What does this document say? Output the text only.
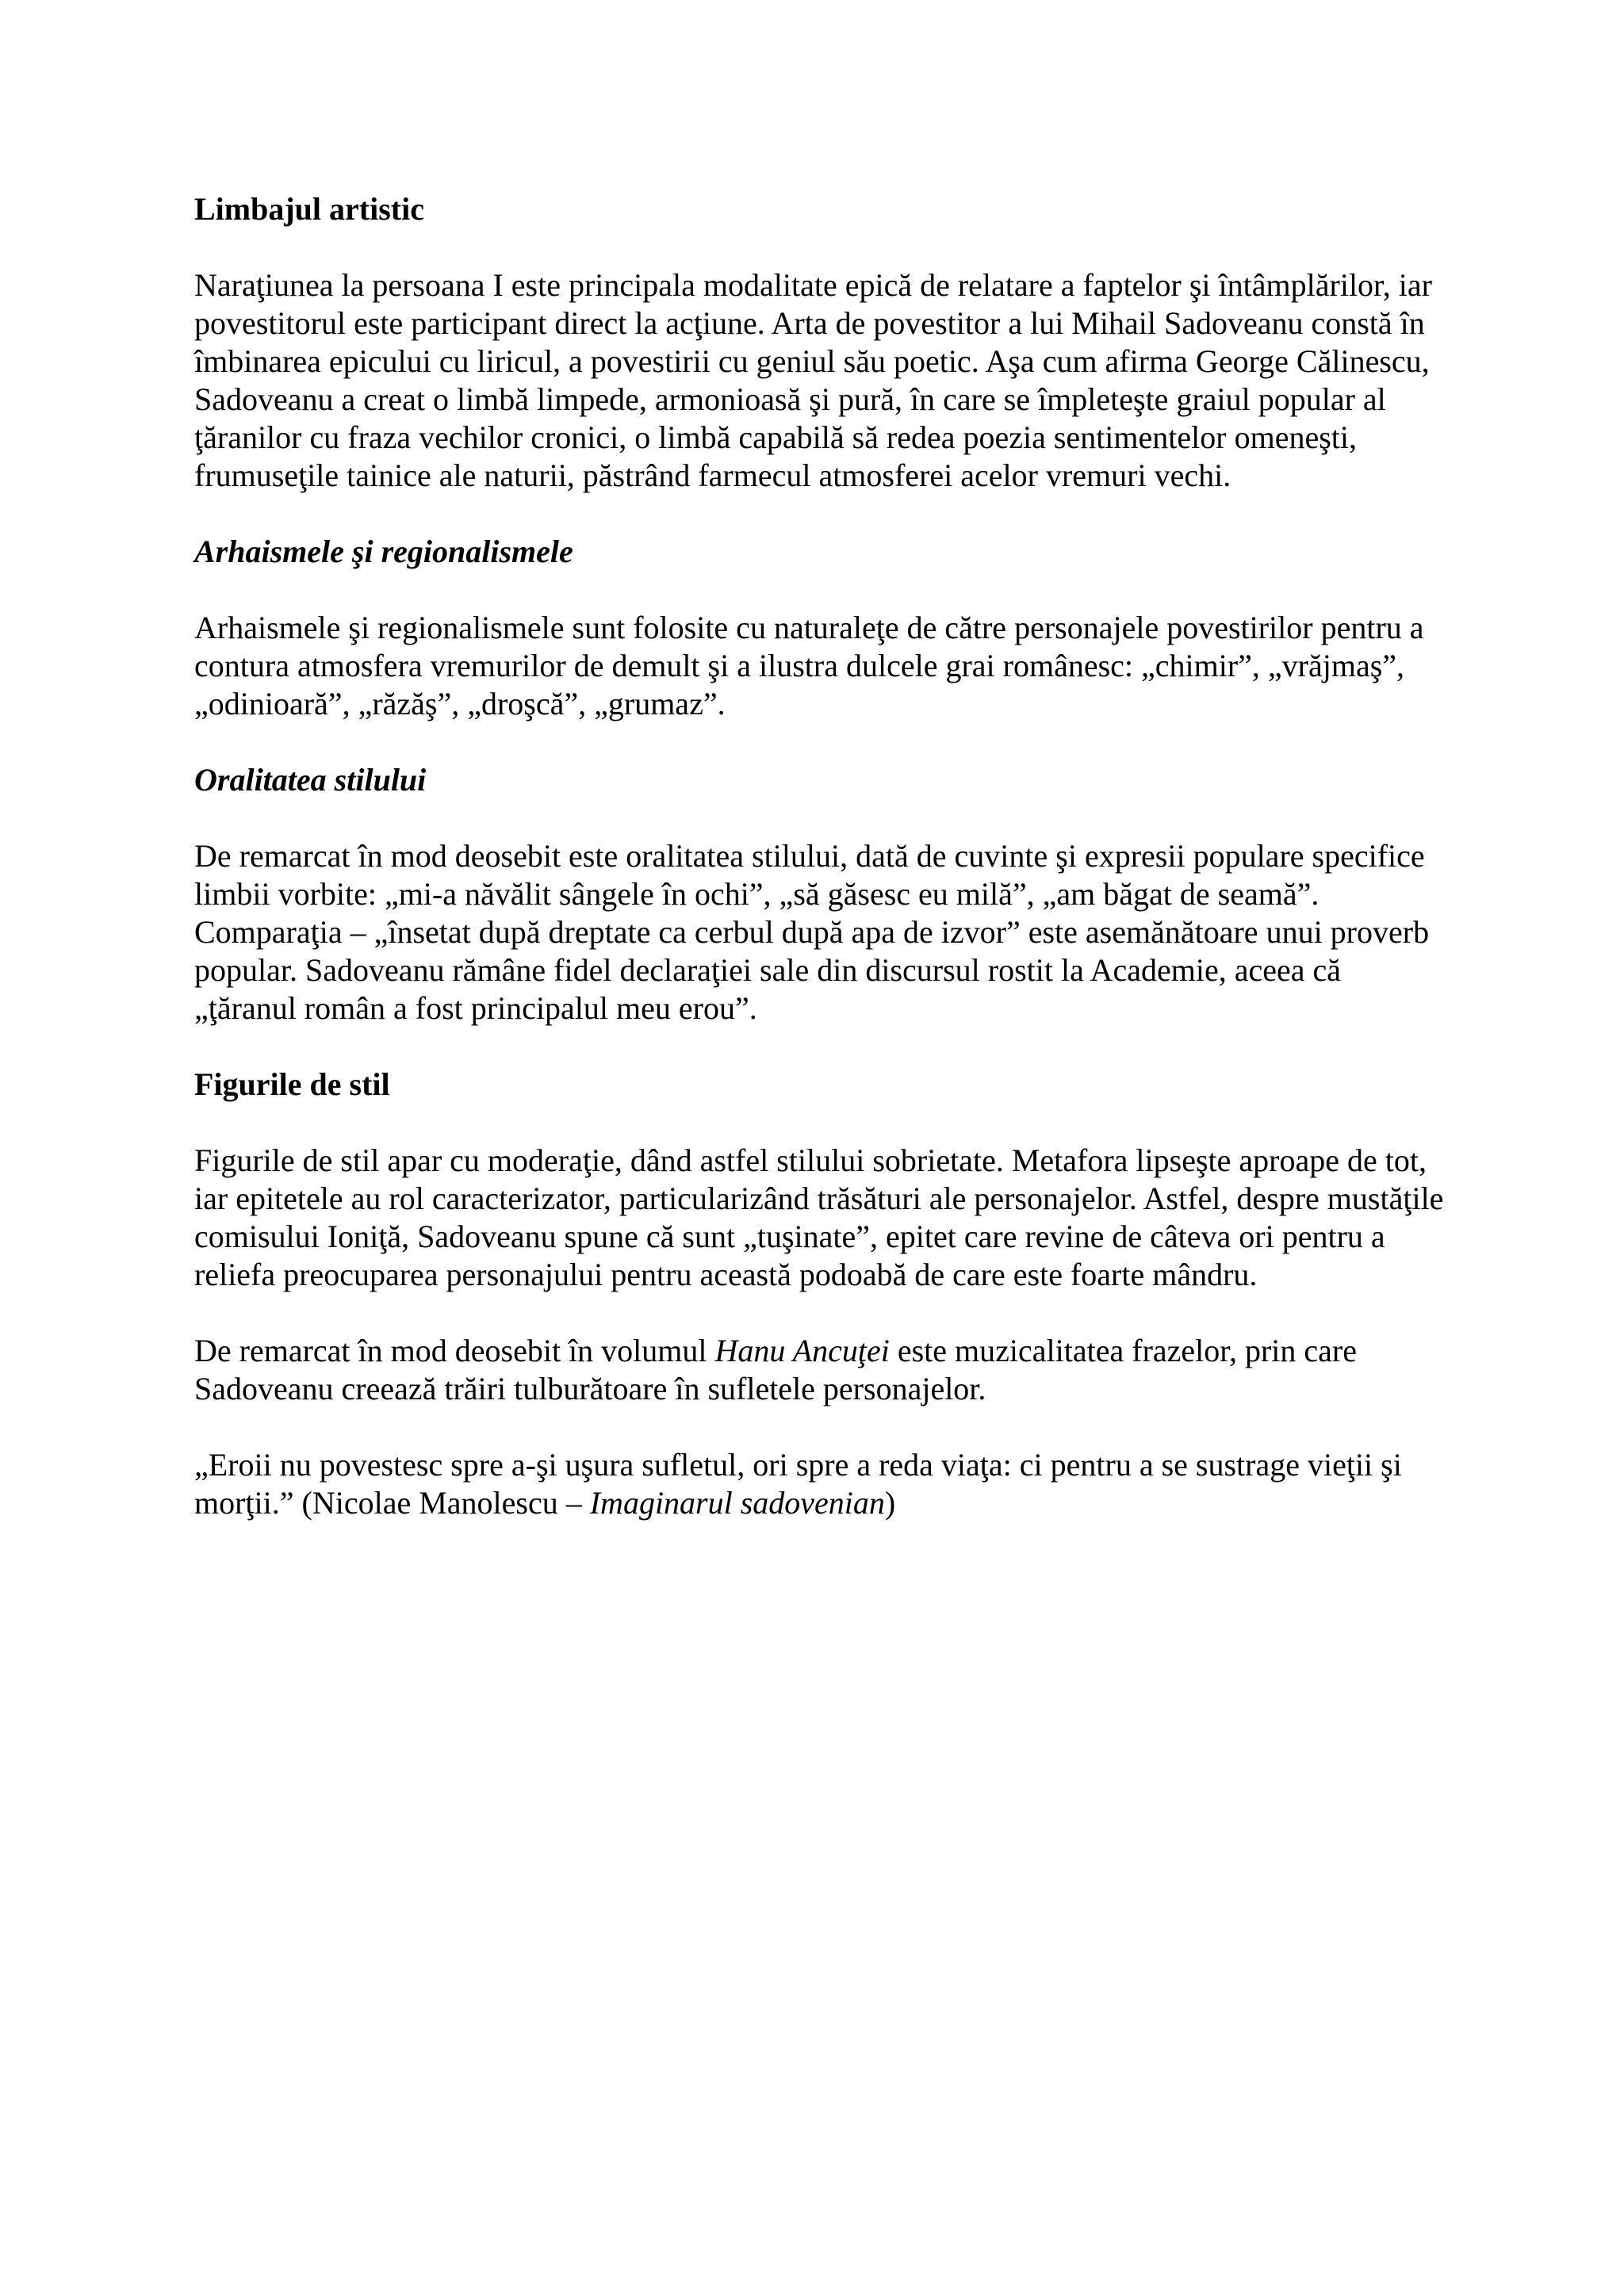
Limbajul artistic

Naraţiunea la persoana I este principala modalitate epică de relatare a faptelor şi întâmplărilor, iar povestitorul este participant direct la acţiune. Arta de povestitor a lui Mihail Sadoveanu constă în îmbinarea epicului cu liricul, a povestirii cu geniul său poetic. Aşa cum afirma George Călinescu, Sadoveanu a creat o limbă limpede, armonioasă şi pură, în care se împleteşte graiul popular al ţăranilor cu fraza vechilor cronici, o limbă capabilă să redea poezia sentimentelor omeneşti, frumuseţile tainice ale naturii, păstrând farmecul atmosferei acelor vremuri vechi.

Arhaismele şi regionalismele

Arhaismele şi regionalismele sunt folosite cu naturaleţe de către personajele povestirilor pentru a contura atmosfera vremurilor de demult şi a ilustra dulcele grai românesc: „chimir”, „vrăjmaş”, „odinioară”, „răzăş”, „droşcă”, „grumaz”.

Oralitatea stilului

De remarcat în mod deosebit este oralitatea stilului, dată de cuvinte şi expresii populare specifice limbii vorbite: „mi-a năvălit sângele în ochi”, „să găsesc eu milă”, „am băgat de seamă”. Comparaţia – „însetat după dreptate ca cerbul după apa de izvor” este asemănătoare unui proverb popular. Sadoveanu rămâne fidel declaraţiei sale din discursul rostit la Academie, aceea că „ţăranul român a fost principalul meu erou”.

Figurile de stil

Figurile de stil apar cu moderaţie, dând astfel stilului sobrietate. Metafora lipseşte aproape de tot, iar epitetele au rol caracterizator, particularizând trăsături ale personajelor. Astfel, despre mustăţile comisului Ioniţă, Sadoveanu spune că sunt „tuşinate”, epitet care revine de câteva ori pentru a reliefa preocuparea personajului pentru această podoabă de care este foarte mândru.

De remarcat în mod deosebit în volumul Hanu Ancuţei este muzicalitatea frazelor, prin care Sadoveanu creează trăiri tulburătoare în sufletele personajelor.

„Eroii nu povestesc spre a-şi uşura sufletul, ori spre a reda viaţa: ci pentru a se sustrage vieţii şi morţii.” (Nicolae Manolescu – Imaginarul sadovenian)
